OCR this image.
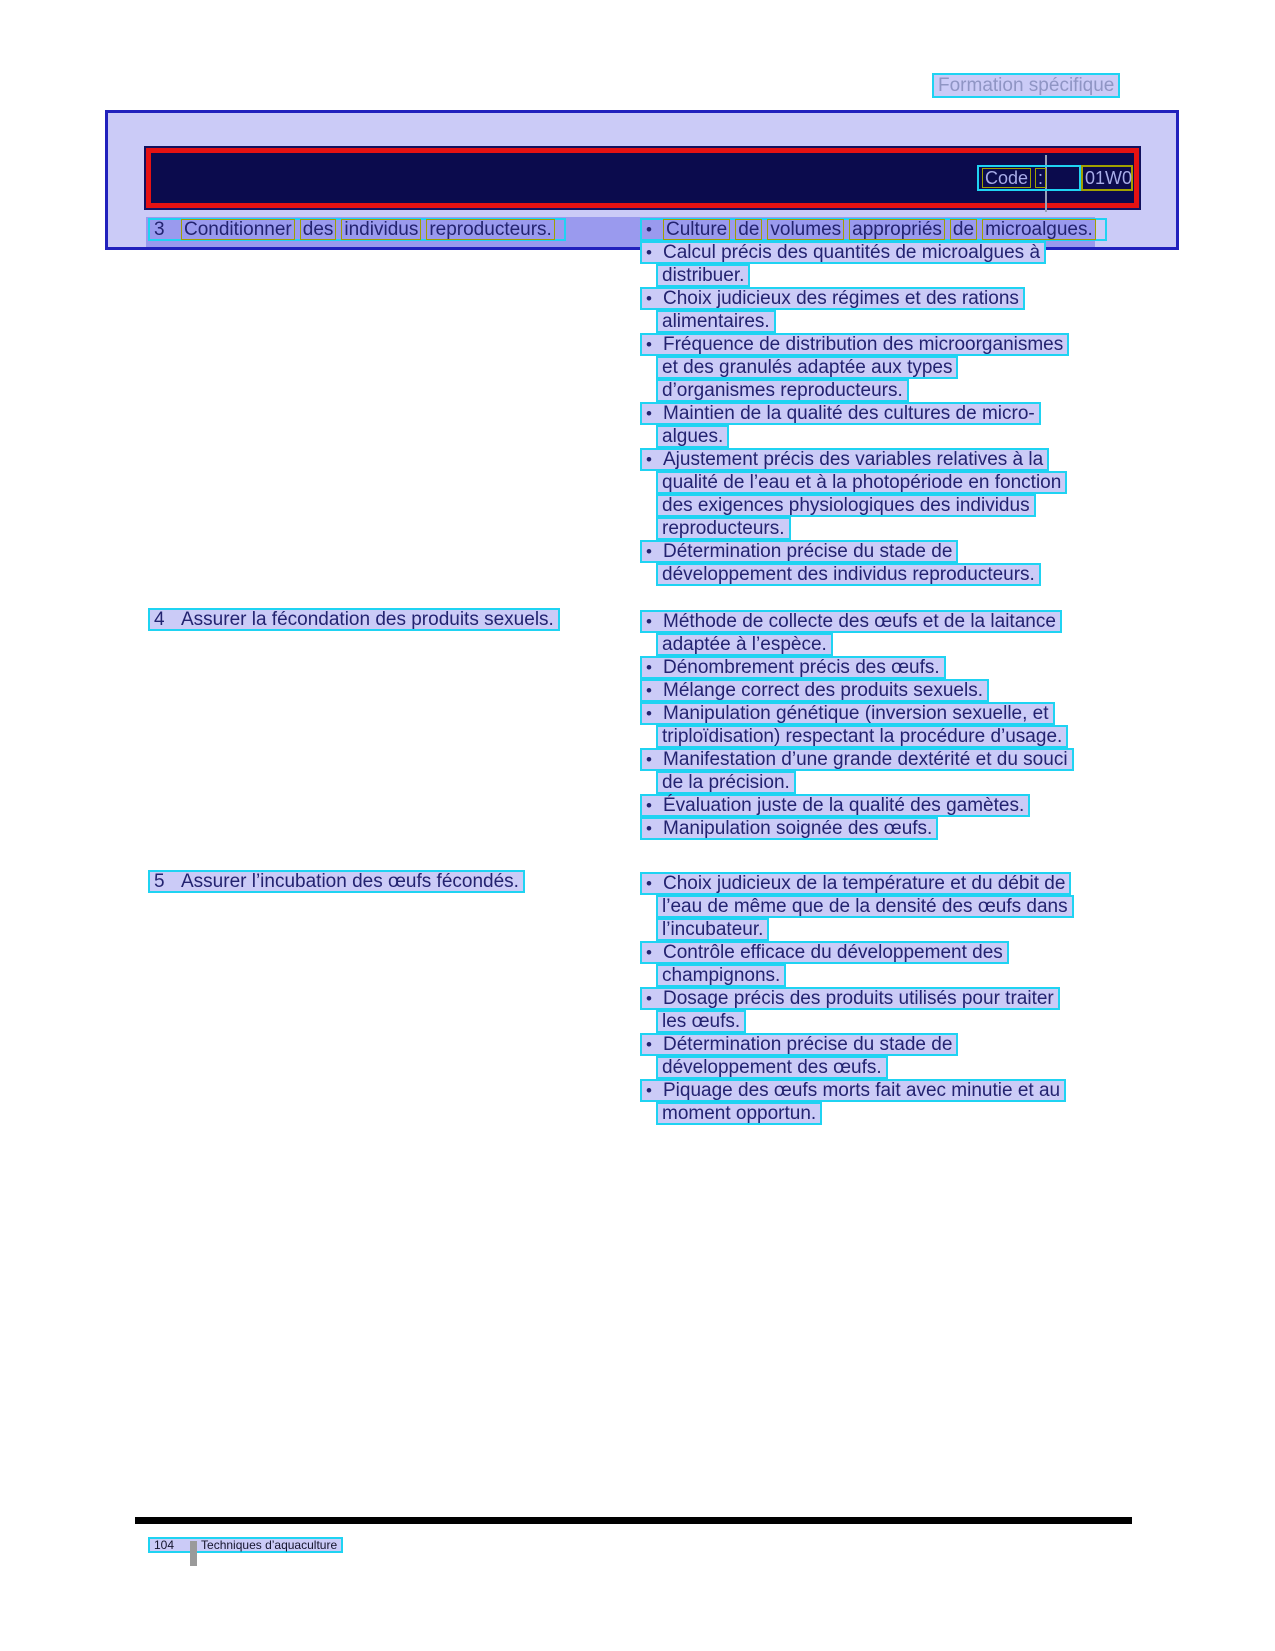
Formation spécifique
Code : 01W0
3	Conditionner des individus reproducteurs.	• Culture de volumes appropriés de microalgues.
• Calcul précis des quantités de microalgues à
distribuer.
• Choix judicieux des régimes et des rations
alimentaires.
• Fréquence de distribution des microorganismes
et des granulés adaptée aux types
d’organismes reproducteurs.
• Maintien de la qualité des cultures de micro-
algues.
• Ajustement précis des variables relatives à la
qualité de l’eau et à la photopériode en fonction
des exigences physiologiques des individus
reproducteurs.
• Détermination précise du stade de
développement des individus reproducteurs.
4 Assurer la fécondation des produits sexuels.	• Méthode de collecte des œufs et de la laitance
adaptée à l’espèce.
• Dénombrement précis des œufs.
• Mélange correct des produits sexuels.
• Manipulation génétique (inversion sexuelle, et
triploïdisation) respectant la procédure d’usage.
• Manifestation d’une grande dextérité et du souci
de la précision.
• Évaluation juste de la qualité des gamètes.
• Manipulation soignée des œufs.
5 Assurer l’incubation des œufs fécondés.	• Choix judicieux de la température et du débit de
l’eau de même que de la densité des œufs dans
l’incubateur.
• Contrôle efficace du développement des
champignons.
• Dosage précis des produits utilisés pour traiter
les œufs.
• Détermination précise du stade de
développement des œufs.
• Piquage des œufs morts fait avec minutie et au
moment opportun.
104 Techniques d’aquaculture
